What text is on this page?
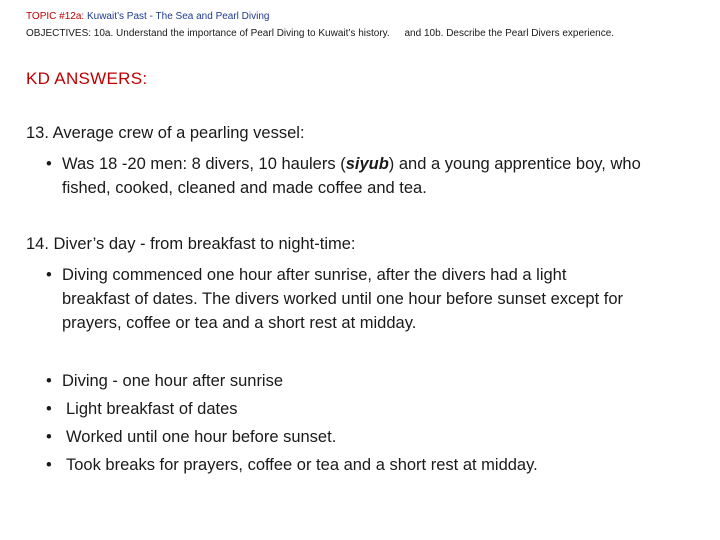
TOPIC #12a: Kuwait’s Past - The Sea and Pearl Diving
OBJECTIVES: 10a. Understand the importance of Pearl Diving to Kuwait’s history. and 10b. Describe the Pearl Divers experience.
KD ANSWERS:
13. Average crew of a pearling vessel:
• Was 18 -20 men: 8 divers, 10 haulers (siyub) and a young apprentice boy, who
fished, cooked, cleaned and made coffee and tea.
14. Diver’s day - from breakfast to night-time:
• Diving commenced one hour after sunrise, after the divers had a light
breakfast of dates. The divers worked until one hour before sunset except for
prayers, coffee or tea and a short rest at midday.
• Diving - one hour after sunrise
• Light breakfast of dates
• Worked until one hour before sunset.
• Took breaks for prayers, coffee or tea and a short rest at midday.
